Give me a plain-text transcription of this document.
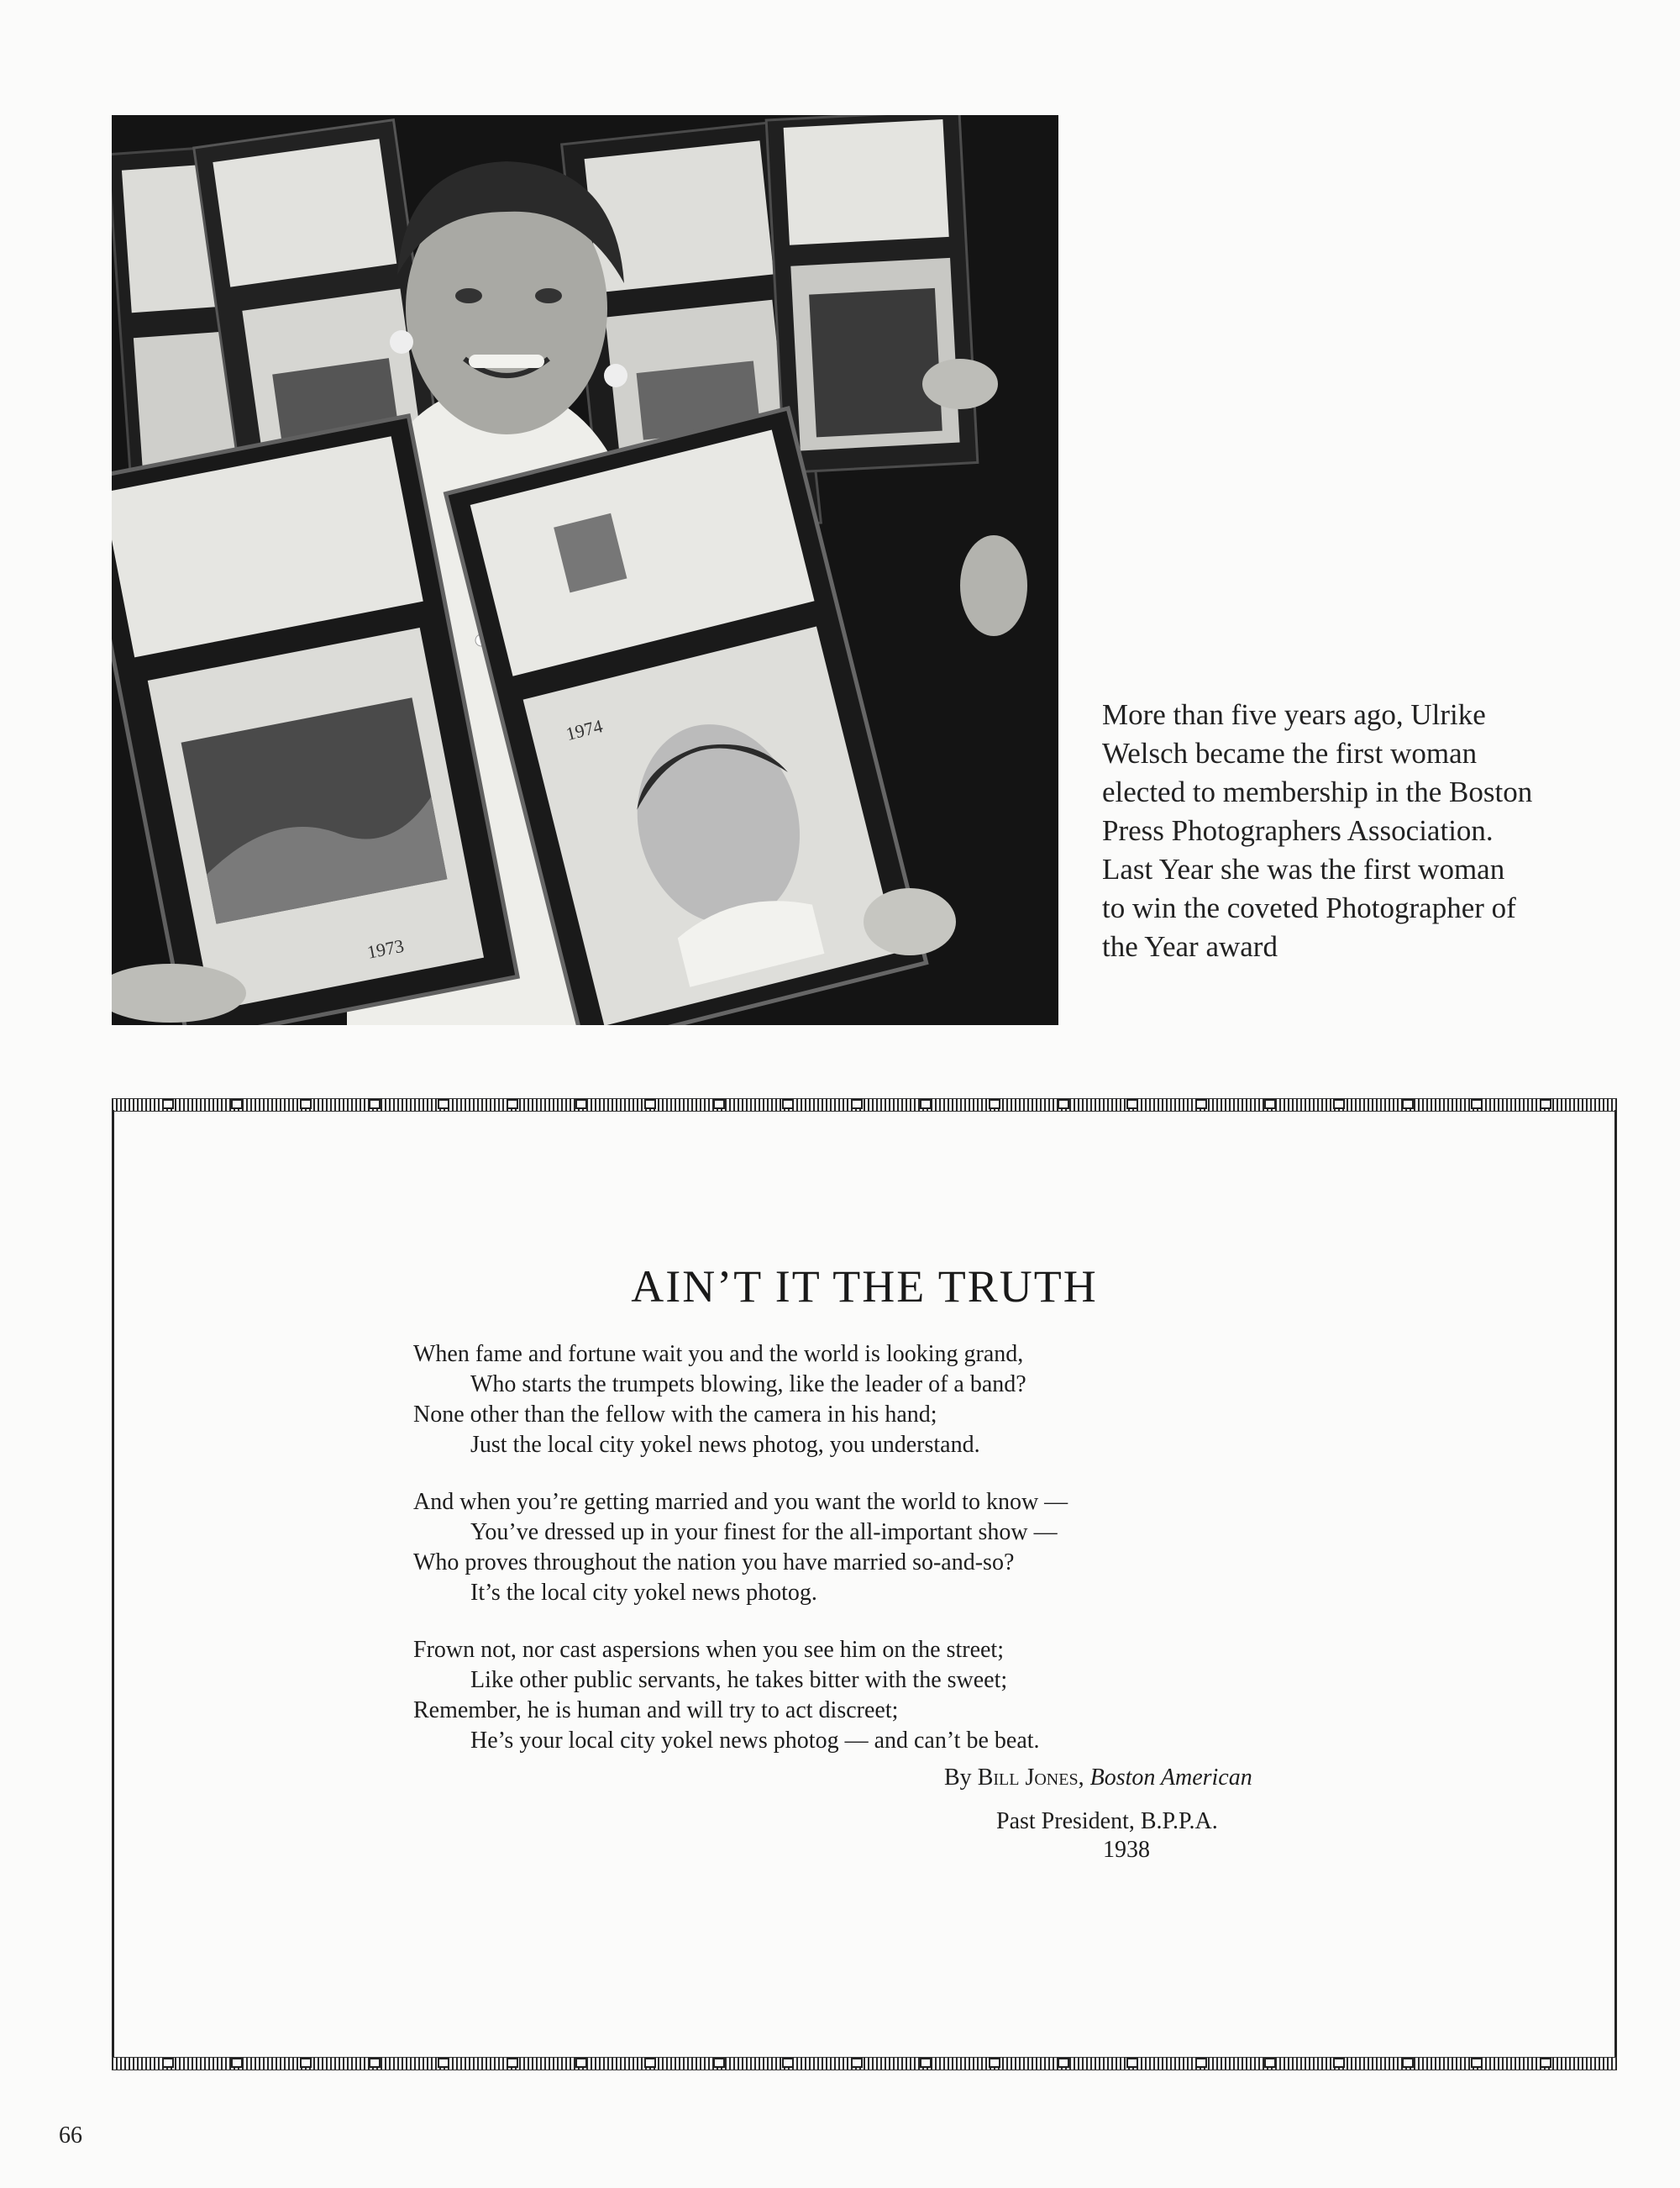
1973
1974	More than five years ago, Ulrike
Welsch became the first woman
elected to membership in the Boston
Press Photographers Association.
Last Year she was the first woman
to win the coveted Photographer of
the Year award
AIN’T IT THE TRUTH
When fame and fortune wait you and the world is looking grand,
Who starts the trumpets blowing, like the leader of a band?
None other than the fellow with the camera in his hand;
Just the local city yokel news photog, you understand.
And when you’re getting married and you want the world to know —
You’ve dressed up in your finest for the all-important show —
Who proves throughout the nation you have married so-and-so?
It’s the local city yokel news photog.
Frown not, nor cast aspersions when you see him on the street;
Like other public servants, he takes bitter with the sweet;
Remember, he is human and will try to act discreet;
He’s your local city yokel news photog — and can’t be beat.
By Bill Jones, Boston American
Past President, B.P.P.A.
1938
66
